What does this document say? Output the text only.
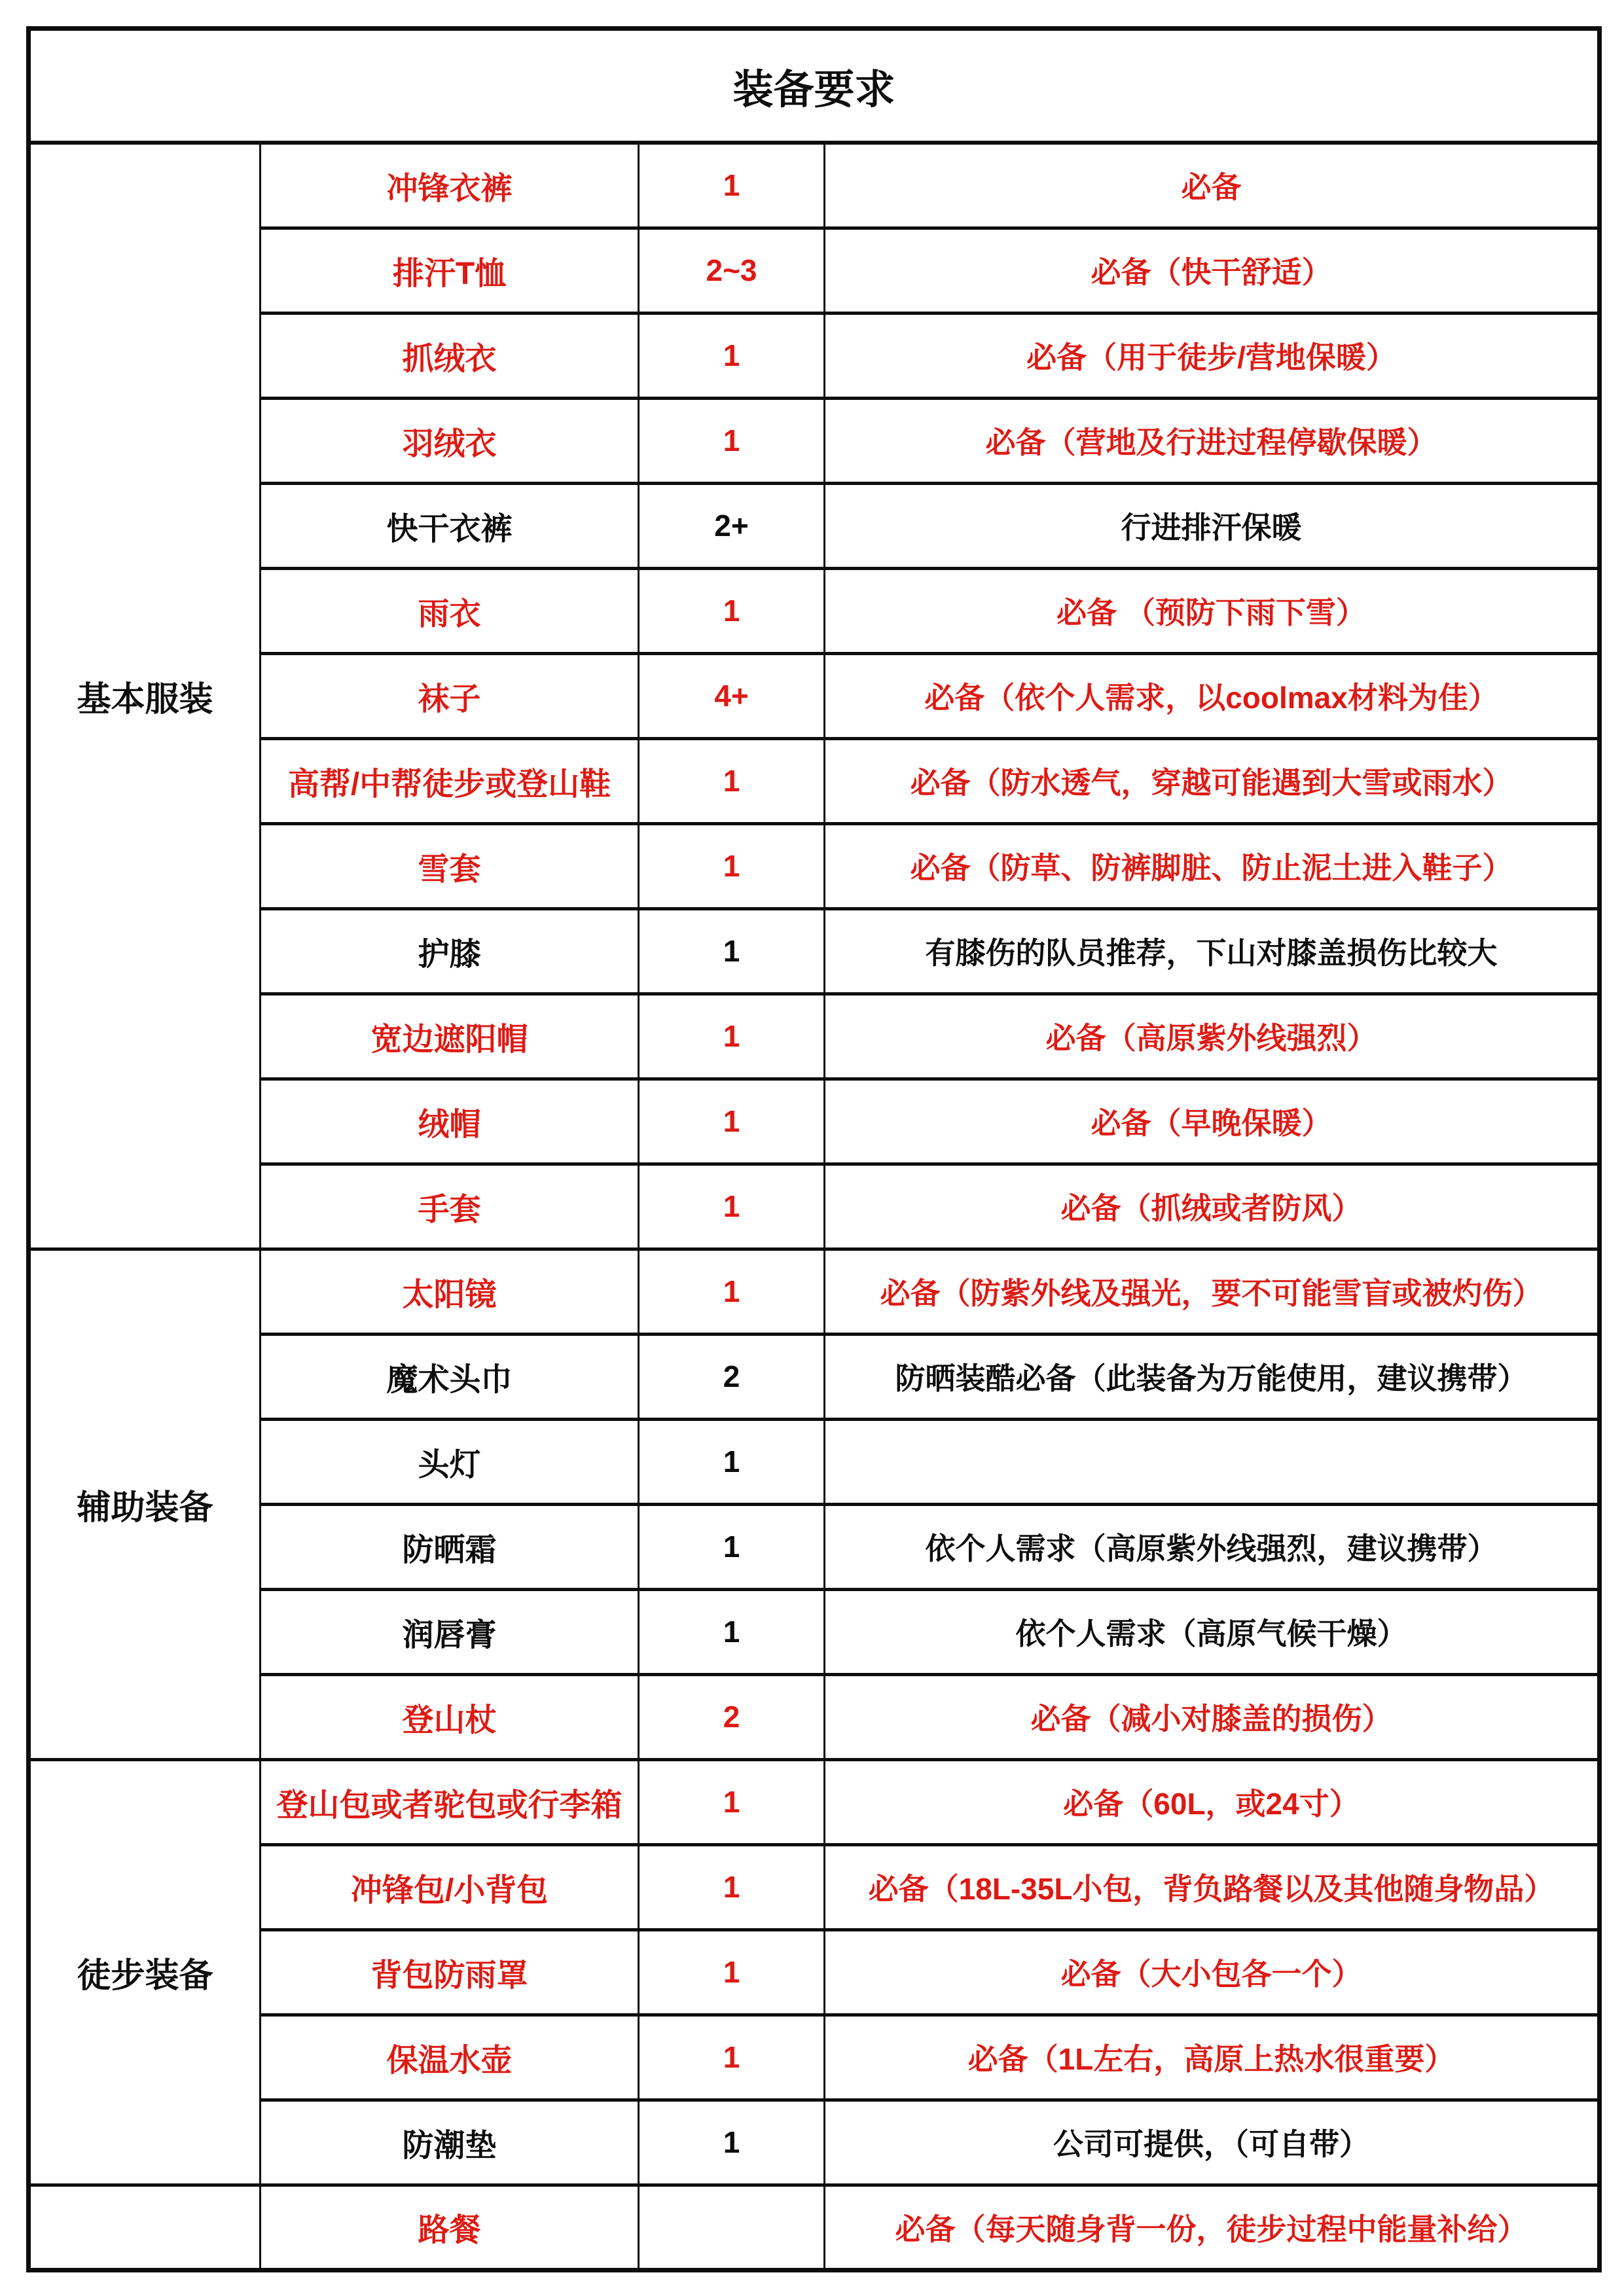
装备要求			
基本服装	冲锋衣裤	1	必备
	排汗T恤	2~3	必备（快干舒适）
	抓绒衣	1	必备（用于徒步/营地保暖）
	羽绒衣	1	必备（营地及行进过程停歇保暖）
	快干衣裤	2+	行进排汗保暖
	雨衣	1	必备 （预防下雨下雪）
	袜子	4+	必备（依个人需求，以coolmax材料为佳）
	高帮/中帮徒步或登山鞋	1	必备（防水透气，穿越可能遇到大雪或雨水）
	雪套	1	必备（防草、防裤脚脏、防止泥土进入鞋子）
	护膝	1	有膝伤的队员推荐，下山对膝盖损伤比较大
	宽边遮阳帽	1	必备（高原紫外线强烈）
	绒帽	1	必备（早晚保暖）
	手套	1	必备（抓绒或者防风）
辅助装备	太阳镜	1	必备（防紫外线及强光，要不可能雪盲或被灼伤）
	魔术头巾	2	防晒装酷必备（此装备为万能使用，建议携带）
	头灯	1	
	防晒霜	1	依个人需求（高原紫外线强烈，建议携带）
	润唇膏	1	依个人需求（高原气候干燥）
	登山杖	2	必备（减小对膝盖的损伤）
徒步装备	登山包或者驼包或行李箱	1	必备（60L，或24寸）
	冲锋包/小背包	1	必备（18L-35L小包，背负路餐以及其他随身物品）
	背包防雨罩	1	必备（大小包各一个）
	保温水壶	1	必备（1L左右，高原上热水很重要）
	防潮垫	1	公司可提供，（可自带）
	路餐		必备（每天随身背一份，徒步过程中能量补给）
